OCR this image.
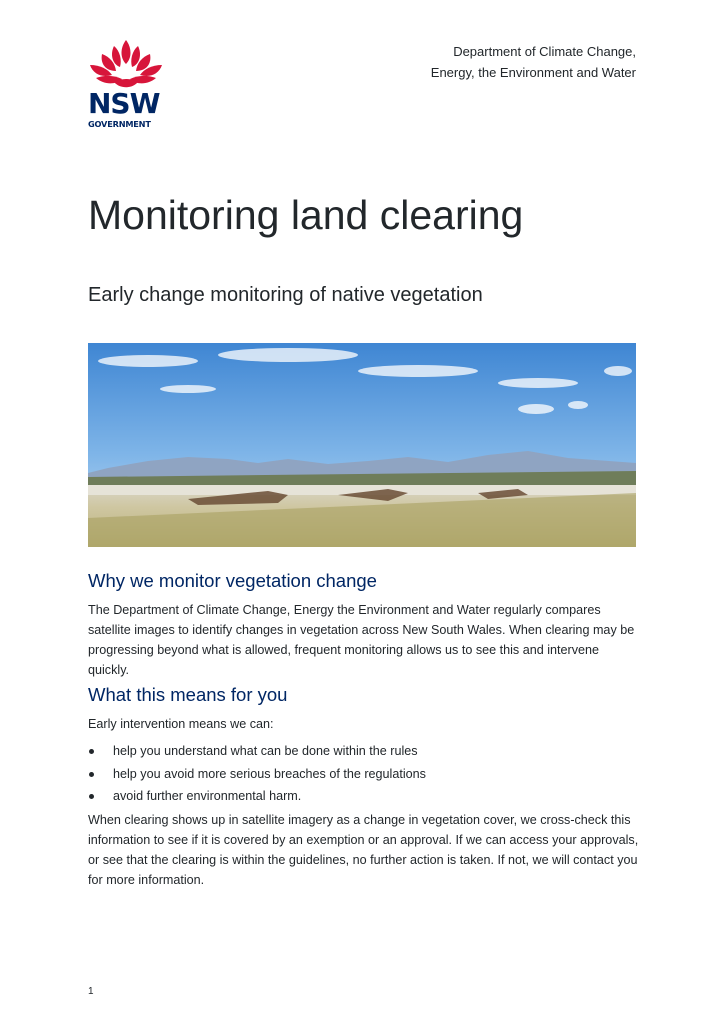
NSW
GOVERNMENT
Department of Climate Change,
Energy, the Environment and Water
Monitoring land clearing

Early change monitoring of native vegetation

Why we monitor vegetation change

The Department of Climate Change, Energy the Environment and Water regularly compares satellite images to identify changes in vegetation across New South Wales. When clearing may be progressing beyond what is allowed, frequent monitoring allows us to see this and intervene quickly.

What this means for you

Early intervention means we can:

help you understand what can be done within the rules
help you avoid more serious breaches of the regulations
avoid further environmental harm.

When clearing shows up in satellite imagery as a change in vegetation cover, we cross-check this information to see if it is covered by an exemption or an approval. If we can access your approvals, or see that the clearing is within the guidelines, no further action is taken. If not, we will contact you for more information.

1
